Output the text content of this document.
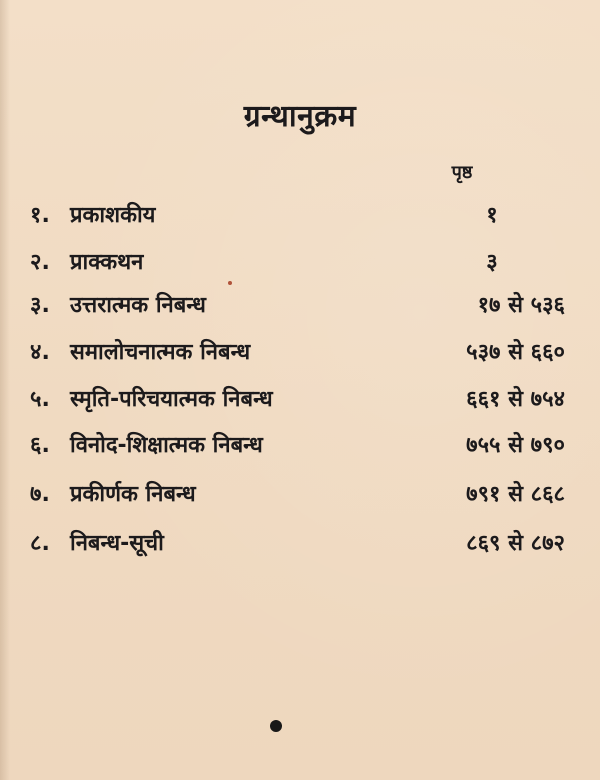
ग्रन्थानुक्रम
पृष्ठ
१. प्रकाशकीय	१
२. प्राक्कथन	३
३. उत्तरात्मक निबन्ध	१७ से ५३६
४. समालोचनात्मक निबन्ध	५३७ से ६६०
५. स्मृति-परिचयात्मक निबन्ध	६६१ से ७५४
६. विनोद-शिक्षात्मक निबन्ध	७५५ से ७९०
७. प्रकीर्णक निबन्ध	७९१ से ८६८
८. निबन्ध-सूची	८६९ से ८७२
